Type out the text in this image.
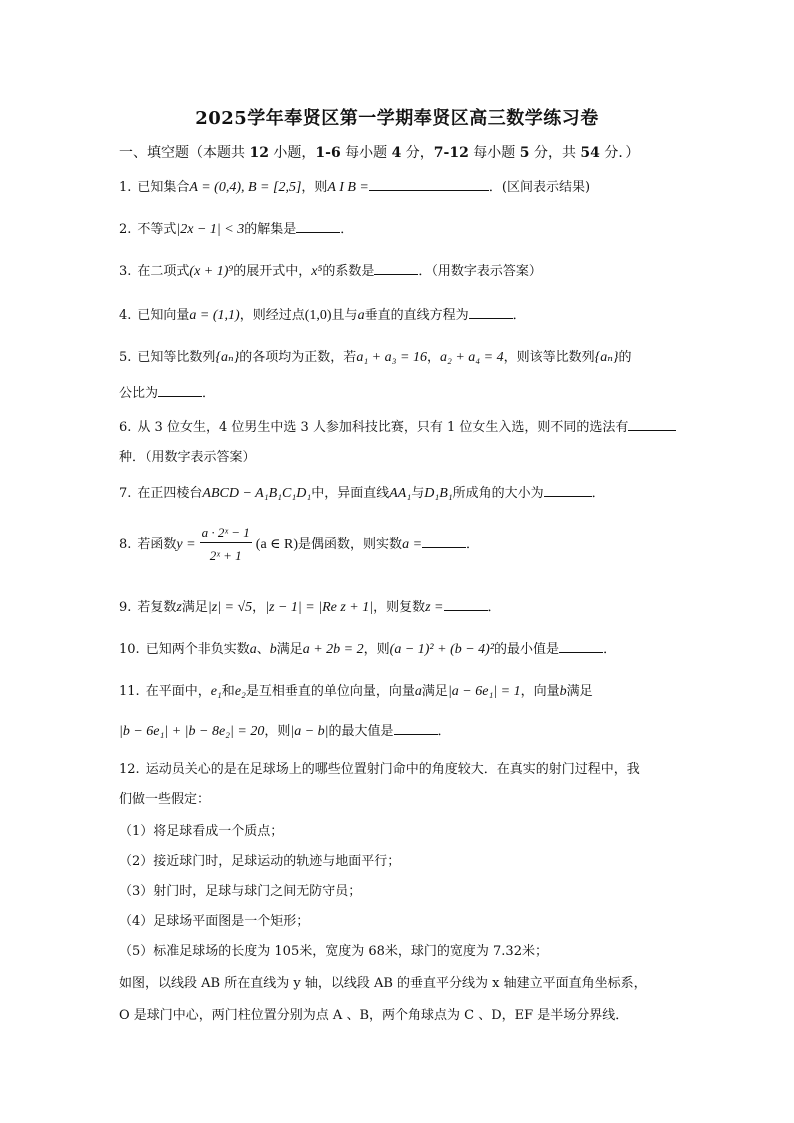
2025学年奉贤区第一学期奉贤区高三数学练习卷
一、填空题（本题共 12 小题，1-6 每小题 4 分，7-12 每小题 5 分，共 54 分．）
1. 已知集合A = (0,4), B = [2,5]，则A I B =	．(区间表示结果)
2. 不等式|2x − 1| < 3的解集是	．
3. 在二项式(x + 1)⁹的展开式中，x⁵的系数是	．（用数字表示答案）
4. 已知向量a = (1,1)，则经过点(1,0)且与a垂直的直线方程为	．
5. 已知等比数列{aₙ}的各项均为正数，若a₁ + a₃ = 16，a₂ + a₄ = 4，则该等比数列{aₙ}的
公比为	．
6. 从 3 位女生，4 位男生中选 3 人参加科技比赛，只有 1 位女生入选，则不同的选法有
种．（用数字表示答案）
7. 在正四棱台ABCD − A₁B₁C₁D₁中，异面直线AA₁与D₁B₁所成角的大小为	．
8. 若函数$y = \frac{\text{a · 2ˣ − 1}}{\text{2ˣ + 1}} (a$ ∈ R)是偶函数，则实数a =	．
9. 若复数z满足|z| = √5，|z − 1| = |Re z + 1|，则复数z =	．
10. 已知两个非负实数a、b满足a + 2b = 2，则(a − 1)² + (b − 4)²的最小值是	．
11. 在平面中，e₁和e₂是互相垂直的单位向量，向量a满足|a − 6e₁| = 1，向量b满足
|b − 6e₁| + |b − 8e₂| = 20，则|a − b|的最大值是	．
12. 运动员关心的是在足球场上的哪些位置射门命中的角度较大．在真实的射门过程中，我
们做一些假定：
（1）将足球看成一个质点；
（2）接近球门时，足球运动的轨迹与地面平行；
（3）射门时，足球与球门之间无防守员；
（4）足球场平面图是一个矩形；
（5）标准足球场的长度为 105米，宽度为 68米，球门的宽度为 7.32米；
如图，以线段 AB 所在直线为 y 轴，以线段 AB 的垂直平分线为 x 轴建立平面直角坐标系，
O 是球门中心，两门柱位置分别为点 A 、B，两个角球点为 C 、D，EF 是半场分界线．
